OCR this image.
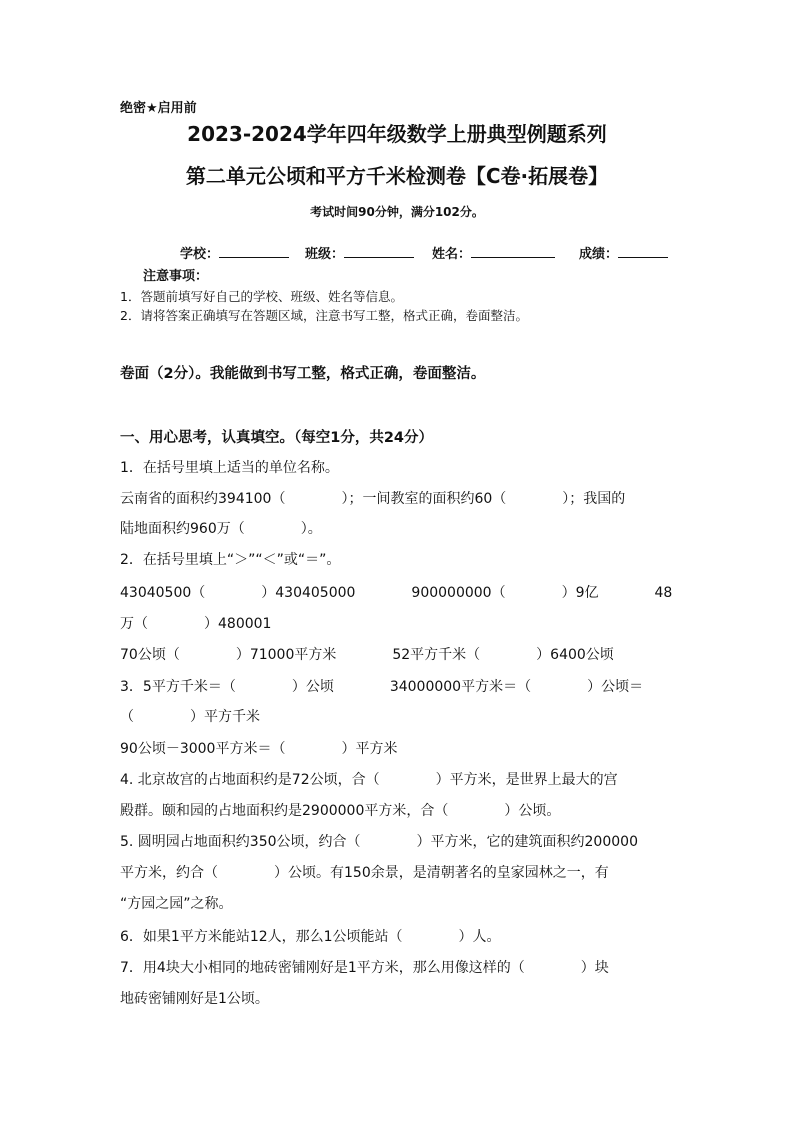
绝密★启用前
2023-2024学年四年级数学上册典型例题系列
第二单元公顷和平方千米检测卷【C卷·拓展卷】
考试时间90分钟，满分102分。
学校：	班级：	姓名：	成绩：
注意事项：
1．答题前填写好自己的学校、班级、姓名等信息。
2．请将答案正确填写在答题区域，注意书写工整，格式正确，卷面整洁。
卷面（2分）。我能做到书写工整，格式正确，卷面整洁。
一、用心思考，认真填空。（每空1分，共24分）
1．在括号里填上适当的单位名称。
云南省的面积约394100（　　　　）；一间教室的面积约60（　　　　）；我国的
陆地面积约960万（　　　　）。
2．在括号里填上“＞”“＜”或“＝”。
43040500（　　　　）430405000　　　　900000000（　　　　）9亿　　　　48
万（　　　　）480001
70公顷（　　　　）71000平方米　　　　52平方千米（　　　　）6400公顷
3．5平方千米＝（　　　　）公顷　　　　34000000平方米＝（　　　　）公顷＝
（　　　　）平方千米
90公顷－3000平方米＝（　　　　）平方米
4. 北京故宫的占地面积约是72公顷，合（　　　　）平方米，是世界上最大的宫
殿群。颐和园的占地面积约是2900000平方米，合（　　　　）公顷。
5. 圆明园占地面积约350公顷，约合（　　　　）平方米，它的建筑面积约200000
平方米，约合（　　　　）公顷。有150余景，是清朝著名的皇家园林之一，有
“方园之园”之称。
6．如果1平方米能站12人，那么1公顷能站（　　　　）人。
7．用4块大小相同的地砖密铺刚好是1平方米，那么用像这样的（　　　　）块
地砖密铺刚好是1公顷。
